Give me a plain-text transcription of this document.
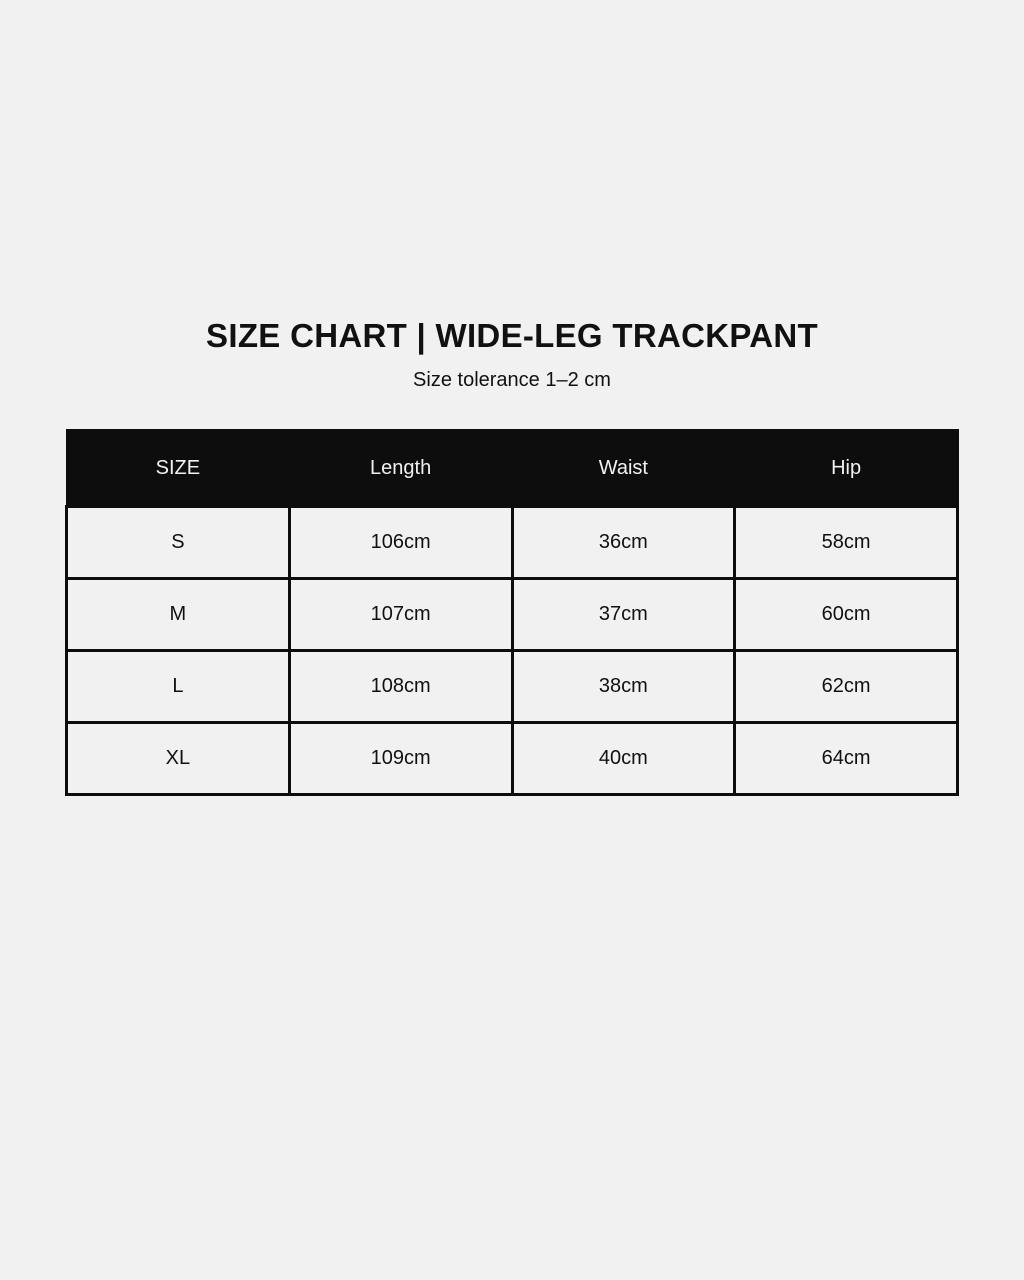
SIZE CHART | WIDE-LEG TRACKPANT

Size tolerance 1–2 cm

SIZE	Length	Waist	Hip
S	106cm	36cm	58cm
M	107cm	37cm	60cm
L	108cm	38cm	62cm
XL	109cm	40cm	64cm
